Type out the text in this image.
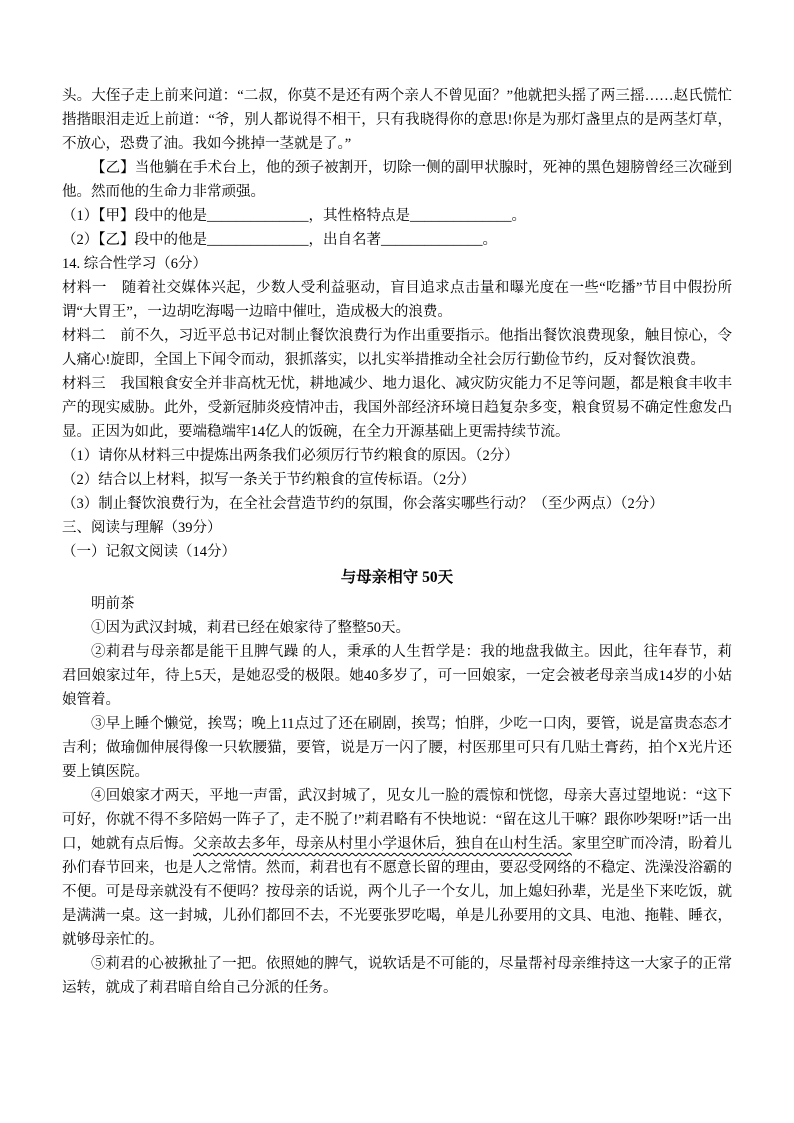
头。大侄子走上前来问道：“二叔，你莫不是还有两个亲人不曾见面？”他就把头摇了两三摇……赵氏慌忙揩揩眼泪走近上前道：“爷，别人都说得不相干，只有我晓得你的意思!你是为那灯盏里点的是两茎灯草，不放心，恐费了油。我如今挑掉一茎就是了。”

【乙】当他躺在手术台上，他的颈子被割开，切除一侧的副甲状腺时，死神的黑色翅膀曾经三次碰到他。然而他的生命力非常顽强。

（1）【甲】段中的他是______________，其性格特点是______________。

（2）【乙】段中的他是______________，出自名著______________。

14. 综合性学习（6分）

材料一　随着社交媒体兴起，少数人受利益驱动，盲目追求点击量和曝光度在一些“吃播”节目中假扮所谓“大胃王”，一边胡吃海喝一边暗中催吐，造成极大的浪费。

材料二　前不久，习近平总书记对制止餐饮浪费行为作出重要指示。他指出餐饮浪费现象，触目惊心，令人痛心!旋即，全国上下闻令而动，狠抓落实，以扎实举措推动全社会厉行勤俭节约，反对餐饮浪费。

材料三　我国粮食安全并非高枕无忧，耕地减少、地力退化、减灾防灾能力不足等问题，都是粮食丰收丰产的现实威胁。此外，受新冠肺炎疫情冲击，我国外部经济环境日趋复杂多变，粮食贸易不确定性愈发凸显。正因为如此，要端稳端牢14亿人的饭碗，在全力开源基础上更需持续节流。

（1）请你从材料三中提炼出两条我们必须厉行节约粮食的原因。（2分）

（2）结合以上材料，拟写一条关于节约粮食的宣传标语。（2分）

（3）制止餐饮浪费行为，在全社会营造节约的氛围，你会落实哪些行动？（至少两点）（2分）

三、阅读与理解（39分）

（一）记叙文阅读（14分）

与母亲相守 50天

明前茶

①因为武汉封城，莉君已经在娘家待了整整50天。

②莉君与母亲都是能干且脾气躁 的人，秉承的人生哲学是：我的地盘我做主。因此，往年春节，莉君回娘家过年，待上5天，是她忍受的极限。她40多岁了，可一回娘家，一定会被老母亲当成14岁的小姑娘管着。

③早上睡个懒觉，挨骂；晚上11点过了还在刷剧，挨骂；怕胖，少吃一口肉，要管，说是富贵态态才吉利；做瑜伽伸展得像一只软腰猫，要管，说是万一闪了腰，村医那里可只有几贴土膏药，拍个X光片还要上镇医院。

④回娘家才两天，平地一声雷，武汉封城了，见女儿一脸的震惊和恍惚，母亲大喜过望地说：“这下可好，你就不得不多陪妈一阵子了，走不脱了!”莉君略有不快地说：“留在这儿干嘛？跟你吵架呀!”话一出口，她就有点后悔。父亲故去多年，母亲从村里小学退休后，独自在山村生活。家里空旷而冷清，盼着儿孙们春节回来，也是人之常情。然而，莉君也有不愿意长留的理由，要忍受网络的不稳定、洗澡没浴霸的不便。可是母亲就没有不便吗？按母亲的话说，两个儿子一个女儿，加上媳妇孙辈，光是坐下来吃饭，就是满满一桌。这一封城，儿孙们都回不去，不光要张罗吃喝，单是儿孙要用的文具、电池、拖鞋、睡衣，就够母亲忙的。

⑤莉君的心被揪扯了一把。依照她的脾气，说软话是不可能的，尽量帮衬母亲维持这一大家子的正常运转，就成了莉君暗自给自己分派的任务。
